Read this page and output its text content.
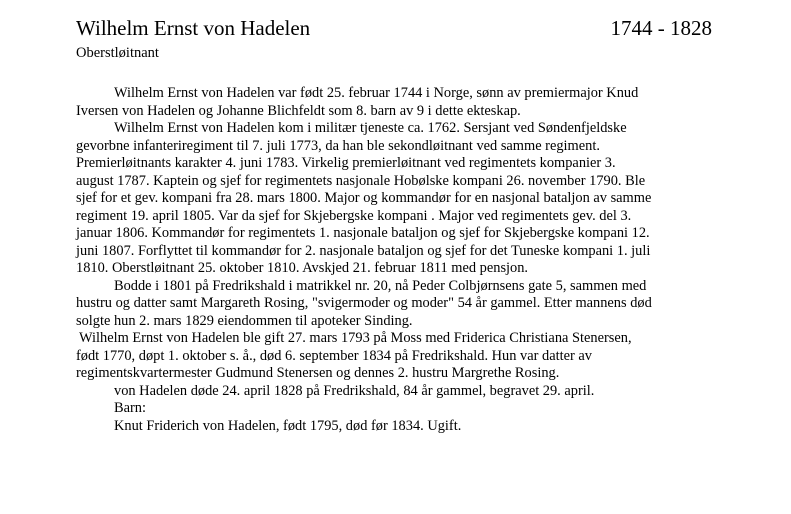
Wilhelm Ernst von Hadelen	1744 - 1828
Oberstløitnant
Wilhelm Ernst von Hadelen var født 25. februar 1744 i Norge, sønn av premiermajor Knud
Iversen von Hadelen og Johanne Blichfeldt som 8. barn av 9 i dette ekteskap.
Wilhelm Ernst von Hadelen kom i militær tjeneste ca. 1762. Sersjant ved Søndenfjeldske
gevorbne infanteriregiment til 7. juli 1773, da han ble sekondløitnant ved samme regiment.
Premierløitnants karakter 4. juni 1783. Virkelig premierløitnant ved regimentets kompanier 3.
august 1787. Kaptein og sjef for regimentets nasjonale Hobølske kompani 26. november 1790. Ble
sjef for et gev. kompani fra 28. mars 1800. Major og kommandør for en nasjonal bataljon av samme
regiment 19. april 1805. Var da sjef for Skjebergske kompani . Major ved regimentets gev. del 3.
januar 1806. Kommandør for regimentets 1. nasjonale bataljon og sjef for Skjebergske kompani 12.
juni 1807. Forflyttet til kommandør for 2. nasjonale bataljon og sjef for det Tuneske kompani 1. juli
1810. Oberstløitnant 25. oktober 1810. Avskjed 21. februar 1811 med pensjon.
Bodde i 1801 på Fredrikshald i matrikkel nr. 20, nå Peder Colbjørnsens gate 5, sammen med
hustru og datter samt Margareth Rosing, "svigermoder og moder" 54 år gammel. Etter mannens død
solgte hun 2. mars 1829 eiendommen til apoteker Sinding.
Wilhelm Ernst von Hadelen ble gift 27. mars 1793 på Moss med Friderica Christiana Stenersen,
født 1770, døpt 1. oktober s. å., død 6. september 1834 på Fredrikshald. Hun var datter av
regimentskvartermester Gudmund Stenersen og dennes 2. hustru Margrethe Rosing.
von Hadelen døde 24. april 1828 på Fredrikshald, 84 år gammel, begravet 29. april.
Barn:
Knut Friderich von Hadelen, født 1795, død før 1834. Ugift.
